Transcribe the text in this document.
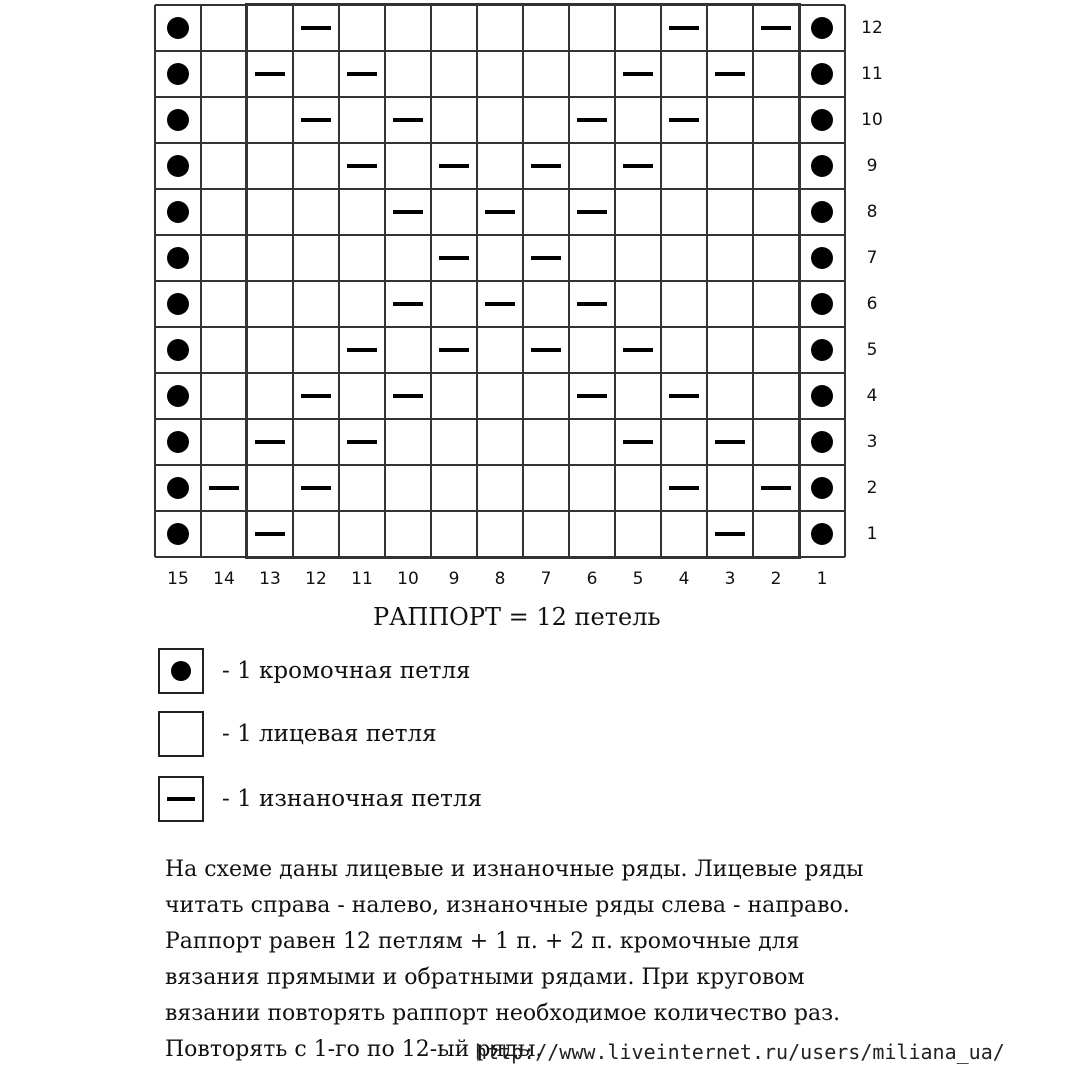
12
11
10
9
8
7
6
5
4
3
2
1
15 14 13 12 11 10 9 8 7 6 5 4 3 2 1
РАППОРТ = 12 петель
- 1 кромочная петля
- 1 лицевая петля
- 1 изнаночная петля

На схеме даны лицевые и изнаночные ряды. Лицевые ряды читать справа - налево, изнаночные ряды слева - направо. Раппорт равен 12 петлям + 1 п. + 2 п. кромочные для вязания прямыми и обратными рядами. При круговом вязании повторять раппорт необходимое количество раз. Повторять с 1-го по 12-ый ряды.

http://www.liveinternet.ru/users/miliana_ua/
